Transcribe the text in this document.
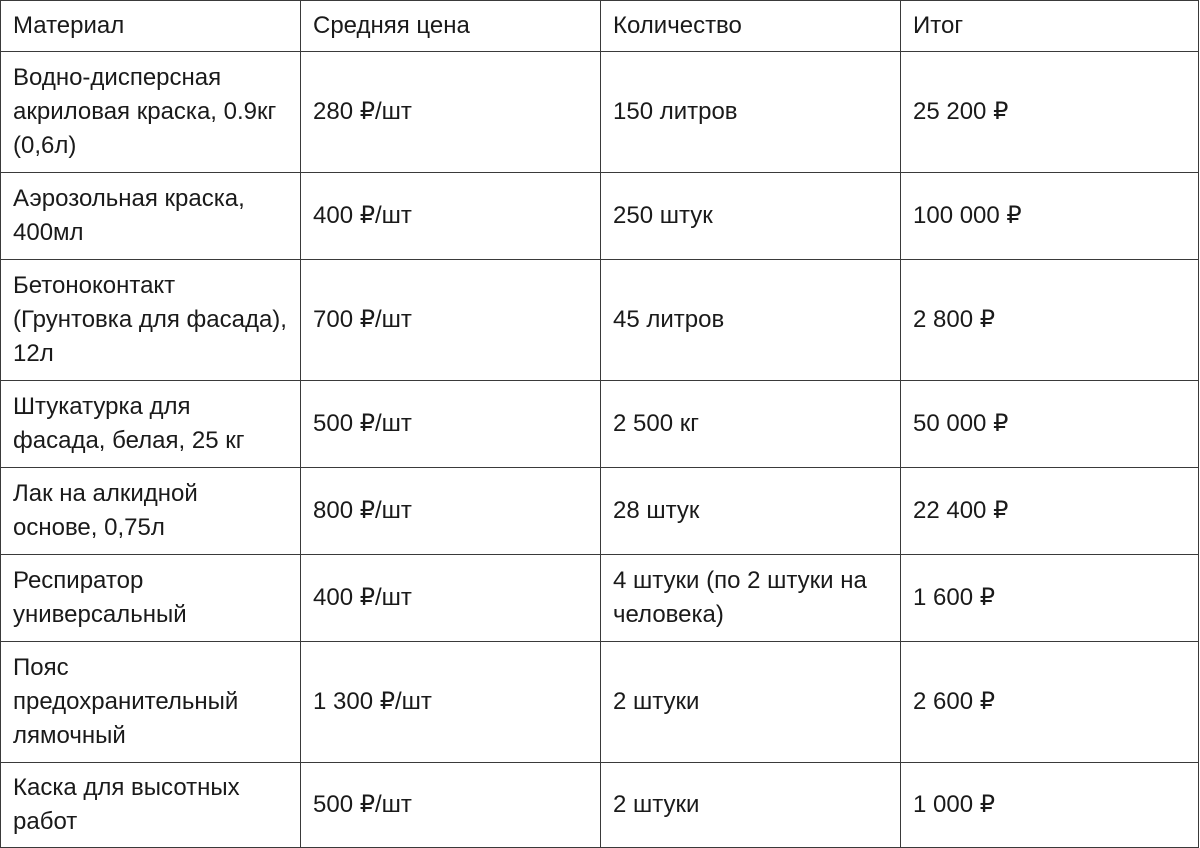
Материал	Средняя цена	Количество	Итог
Водно-дисперсная акриловая краска, 0.9кг (0,6л)	280 ₽/шт	150 литров	25 200 ₽
Аэрозольная краска, 400мл	400 ₽/шт	250 штук	100 000 ₽
Бетоноконтакт (Грунтовка для фасада), 12л	700 ₽/шт	45 литров	2 800 ₽
Штукатурка для фасада, белая, 25 кг	500 ₽/шт	2 500 кг	50 000 ₽
Лак на алкидной основе, 0,75л	800 ₽/шт	28 штук	22 400 ₽
Респиратор универсальный	400 ₽/шт	4 штуки (по 2 штуки на человека)	1 600 ₽
Пояс предохранительный лямочный	1 300 ₽/шт	2 штуки	2 600 ₽
Каска для высотных работ	500 ₽/шт	2 штуки	1 000 ₽
